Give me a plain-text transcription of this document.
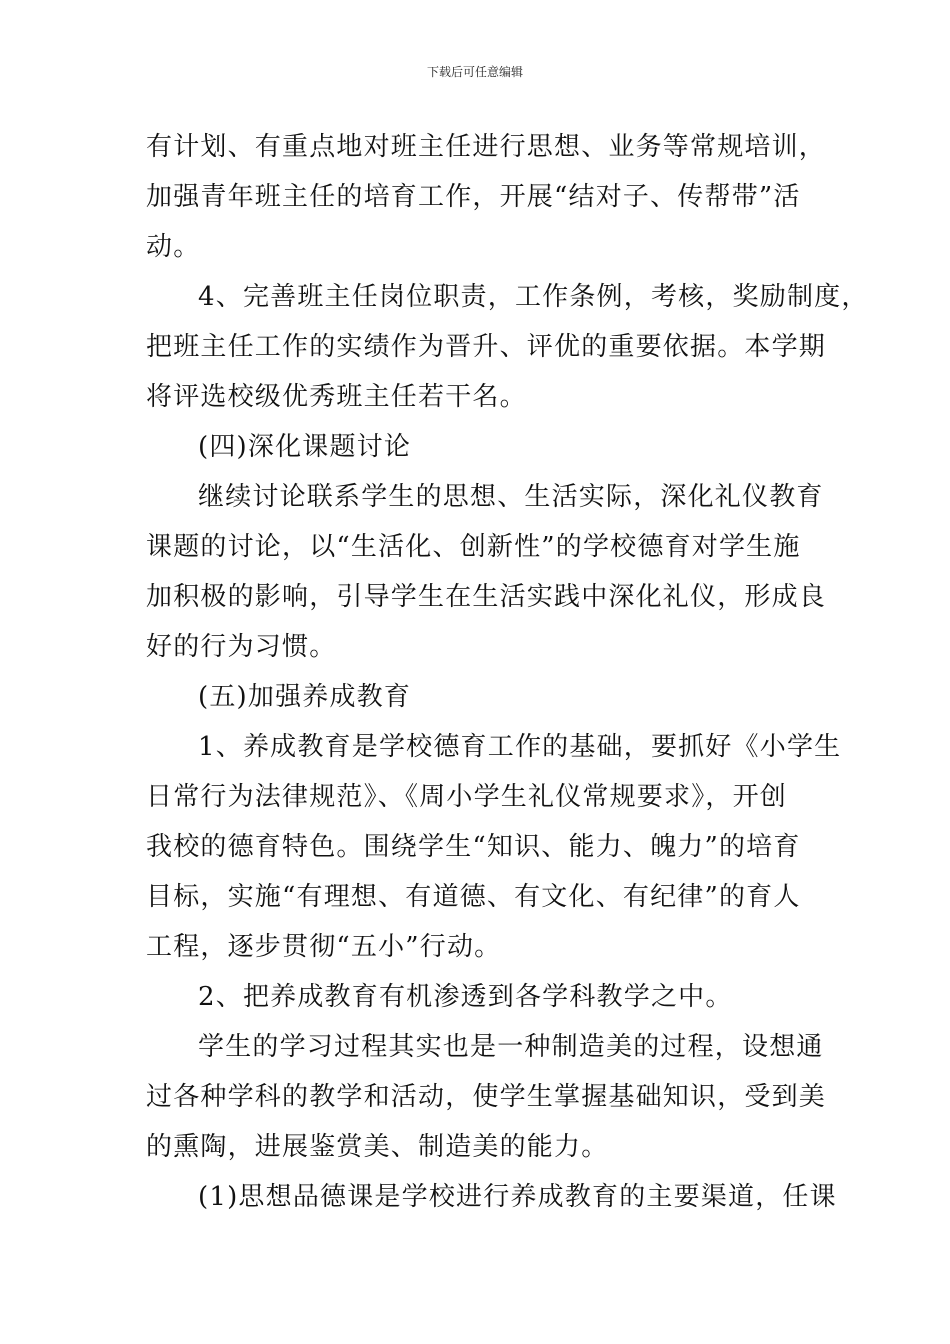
下载后可任意编辑

有计划、有重点地对班主任进行思想、业务等常规培训，
加强青年班主任的培育工作，开展“结对子、传帮带”活
动。

4、完善班主任岗位职责，工作条例，考核，奖励制度，
把班主任工作的实绩作为晋升、评优的重要依据。本学期
将评选校级优秀班主任若干名。

(四)深化课题讨论

继续讨论联系学生的思想、生活实际，深化礼仪教育
课题的讨论，以“生活化、创新性”的学校德育对学生施
加积极的影响，引导学生在生活实践中深化礼仪，形成良
好的行为习惯。

(五)加强养成教育

1、养成教育是学校德育工作的基础，要抓好《小学生
日常行为法律规范》、《周小学生礼仪常规要求》，开创
我校的德育特色。围绕学生“知识、能力、魄力”的培育
目标，实施“有理想、有道德、有文化、有纪律”的育人
工程，逐步贯彻“五小”行动。

2、把养成教育有机渗透到各学科教学之中。

学生的学习过程其实也是一种制造美的过程，设想通
过各种学科的教学和活动，使学生掌握基础知识，受到美
的熏陶，进展鉴赏美、制造美的能力。

(1)思想品德课是学校进行养成教育的主要渠道，任课
